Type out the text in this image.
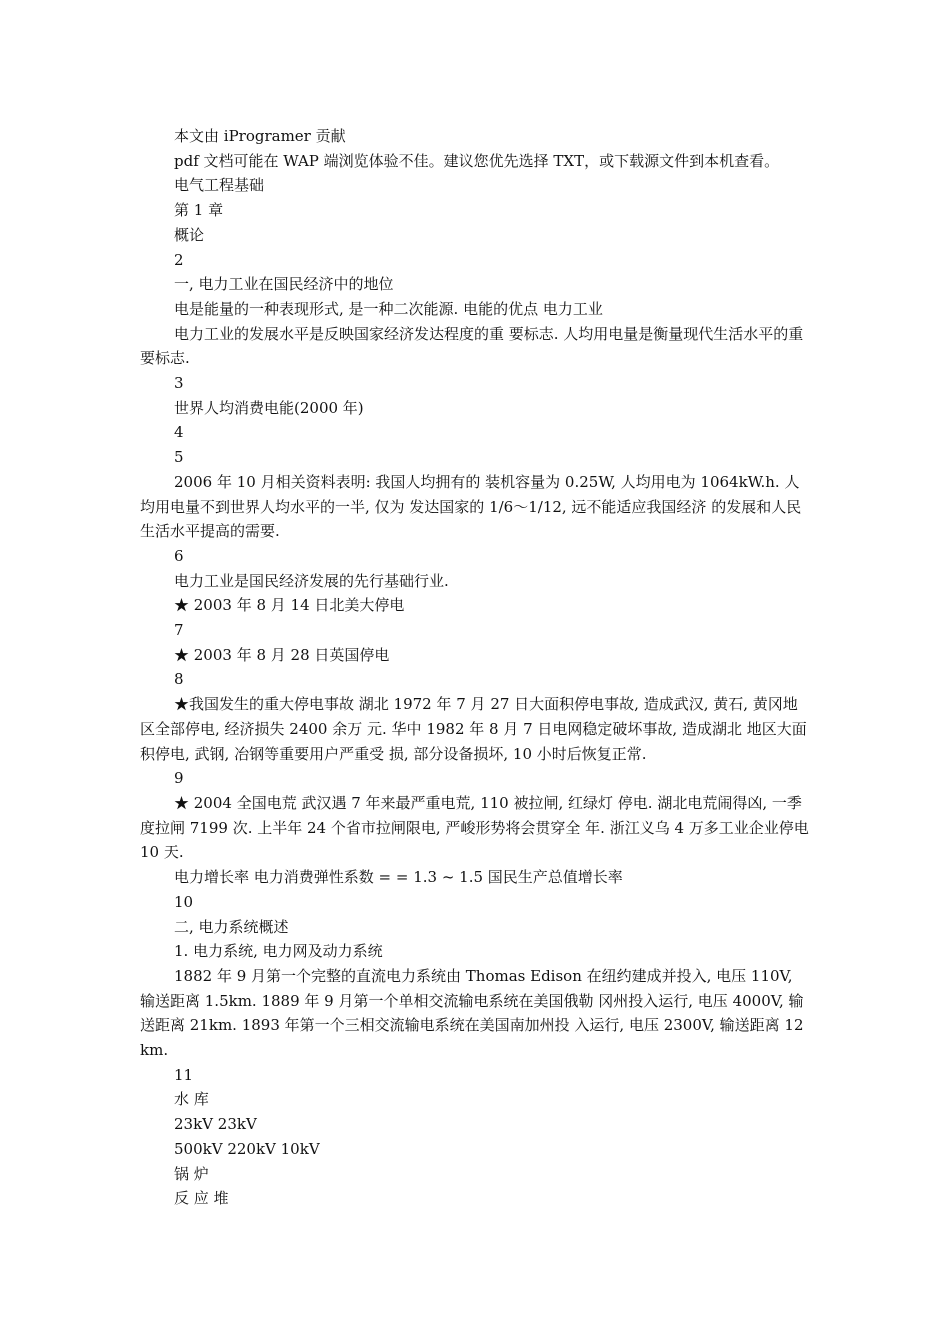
本文由 iProgramer 贡献

pdf 文档可能在 WAP 端浏览体验不佳。建议您优先选择 TXT，或下载源文件到本机查看。

电气工程基础

第 1 章

概论

2

一, 电力工业在国民经济中的地位

电是能量的一种表现形式, 是一种二次能源. 电能的优点 电力工业

电力工业的发展水平是反映国家经济发达程度的重 要标志. 人均用电量是衡量现代生活水平的重要标志.

3

世界人均消费电能(2000 年)

4

5

2006 年 10 月相关资料表明: 我国人均拥有的 装机容量为 0.25W, 人均用电为 1064kW.h. 人均用电量不到世界人均水平的一半, 仅为 发达国家的 1/6～1/12, 远不能适应我国经济 的发展和人民生活水平提高的需要.

6

电力工业是国民经济发展的先行基础行业.

★ 2003 年 8 月 14 日北美大停电

7

★ 2003 年 8 月 28 日英国停电

8

★我国发生的重大停电事故 湖北 1972 年 7 月 27 日大面积停电事故, 造成武汉, 黄石, 黄冈地区全部停电, 经济损失 2400 余万 元. 华中 1982 年 8 月 7 日电网稳定破坏事故, 造成湖北 地区大面积停电, 武钢, 冶钢等重要用户严重受 损, 部分设备损坏, 10 小时后恢复正常.

9

★ 2004 全国电荒 武汉遇 7 年来最严重电荒, 110 被拉闸, 红绿灯 停电. 湖北电荒闹得凶, 一季度拉闸 7199 次. 上半年 24 个省市拉闸限电, 严峻形势将会贯穿全 年. 浙江义乌 4 万多工业企业停电 10 天.

电力增长率 电力消费弹性系数 = = 1.3 ~ 1.5 国民生产总值增长率

10

二, 电力系统概述

1. 电力系统, 电力网及动力系统

1882 年 9 月第一个完整的直流电力系统由 Thomas Edison 在纽约建成并投入, 电压 110V, 输送距离 1.5km. 1889 年 9 月第一个单相交流输电系统在美国俄勒 冈州投入运行, 电压 4000V, 输送距离 21km. 1893 年第一个三相交流输电系统在美国南加州投 入运行, 电压 2300V, 输送距离 12km.

11

水 库

23kV 23kV

500kV 220kV 10kV

锅 炉

反 应 堆
